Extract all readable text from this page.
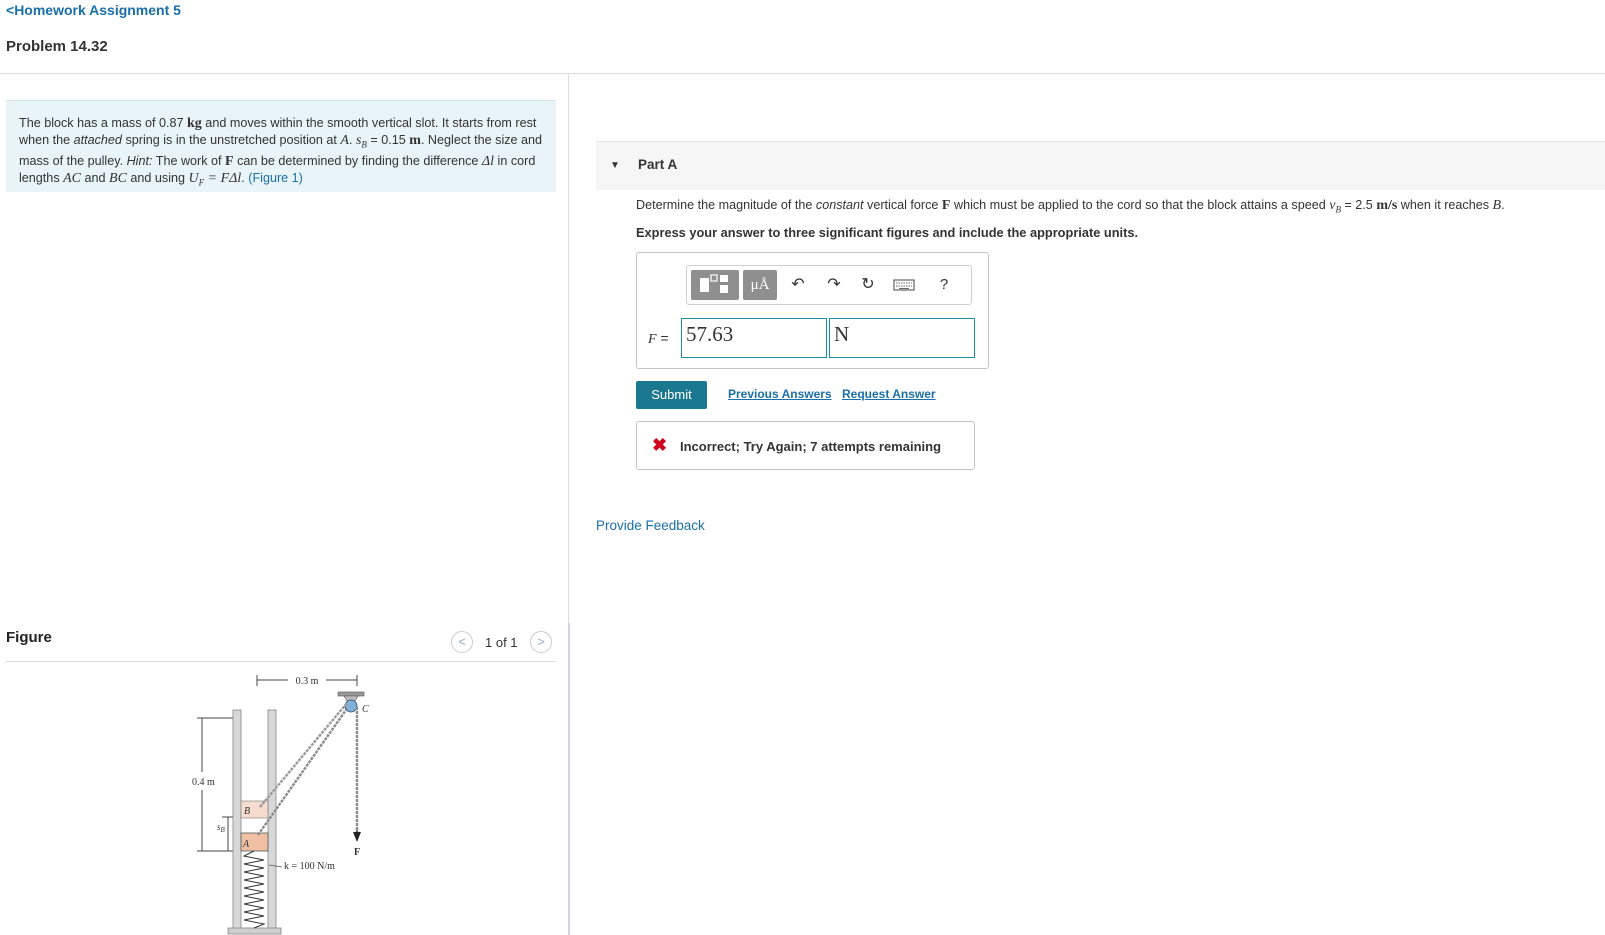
<Homework Assignment 5
Problem 14.32
The block has a mass of 0.87 kg and moves within the smooth vertical slot. It starts from rest when the attached spring is in the unstretched position at A. $s_B = 0.15$ m. Neglect the size and mass of the pulley. Hint: The work of F can be determined by finding the difference Δl in cord lengths AC and BC and using $U_F = F\Delta l$. (Figure 1)
Figure	<	1 of 1	>
0.3 m
0.4 m
$s_B$
B
A
k = 100 N/m
C
F
▼ Part A
Determine the magnitude of the constant vertical force F which must be applied to the cord so that the block attains a speed $v_B = 2.5$ m/s when it reaches B.
Express your answer to three significant figures and include the appropriate units.
μÅ	↶	↷	↻	?
F = 57.63	N
Submit	Previous Answers Request Answer
✖ Incorrect; Try Again; 7 attempts remaining
Provide Feedback
